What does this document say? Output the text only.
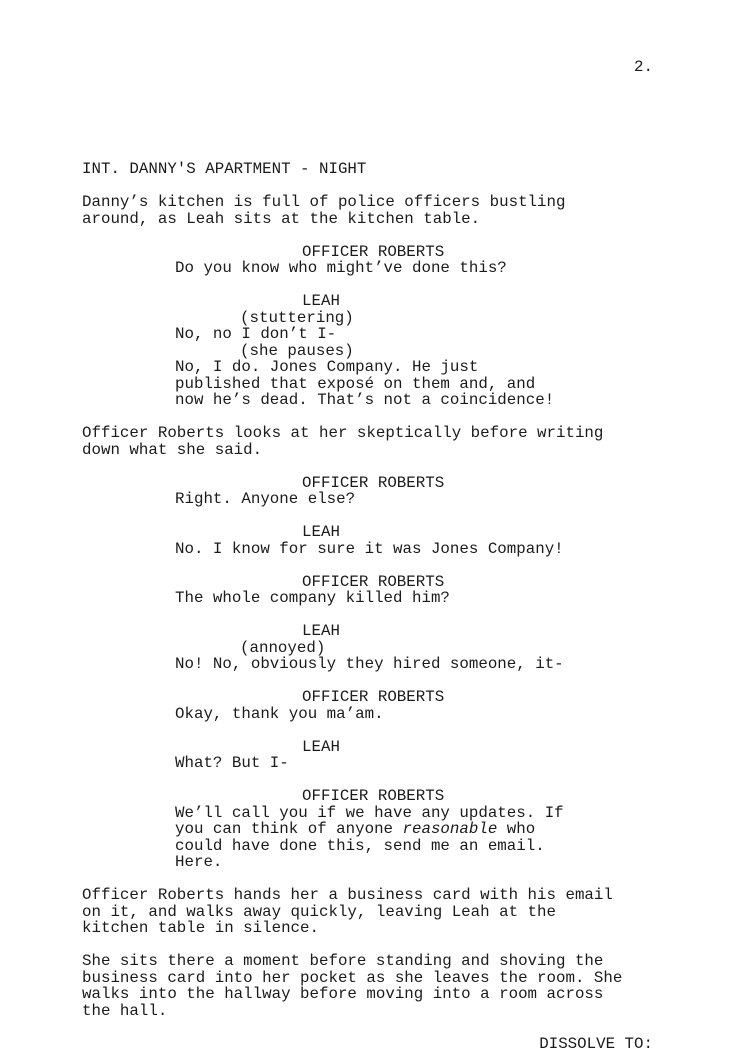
2.

INT. DANNY'S APARTMENT - NIGHT
Danny’s kitchen is full of police officers bustling
around, as Leah sits at the kitchen table.
OFFICER ROBERTS
Do you know who might’ve done this?
LEAH
(stuttering)
No, no I don’t I-
(she pauses)
No, I do. Jones Company. He just
published that exposé on them and, and
now he’s dead. That’s not a coincidence!
Officer Roberts looks at her skeptically before writing
down what she said.
OFFICER ROBERTS
Right. Anyone else?
LEAH
No. I know for sure it was Jones Company!
OFFICER ROBERTS
The whole company killed him?
LEAH
(annoyed)
No! No, obviously they hired someone, it-
OFFICER ROBERTS
Okay, thank you ma’am.
LEAH
What? But I-
OFFICER ROBERTS
We’ll call you if we have any updates. If
you can think of anyone reasonable who
could have done this, send me an email.
Here.
Officer Roberts hands her a business card with his email
on it, and walks away quickly, leaving Leah at the
kitchen table in silence.
She sits there a moment before standing and shoving the
business card into her pocket as she leaves the room. She
walks into the hallway before moving into a room across
the hall.
DISSOLVE TO:
